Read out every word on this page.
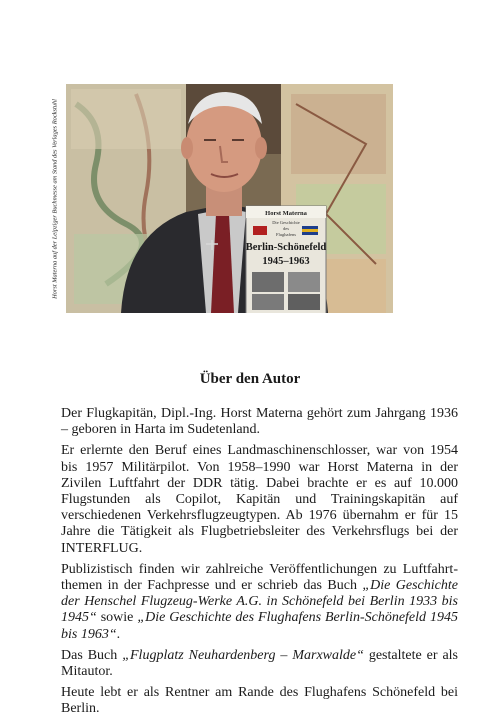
Horst Materna auf der Leipziger Buchmesse am Stand des Verlages Rockstuhl	Horst Materna
Die Geschichte
des
Flughafens
Berlin-Schönefeld
1945–1963
Über den Autor

Der Flugkapitän, Dipl.-Ing. Horst Materna gehört zum Jahrgang 1936 – geboren in Harta im Sudetenland.

Er erlernte den Beruf eines Landmaschinenschlosser, war von 1954 bis 1957 Militärpilot. Von 1958–1990 war Horst Materna in der Zivilen Luftfahrt der DDR tätig. Dabei brachte er es auf 10.000 Flugstunden als Copilot, Kapitän und Trainingskapitän auf verschiedenen Verkehrsflugzeugtypen. Ab 1976 übernahm er für 15 Jahre die Tätigkeit als Flugbetriebsleiter des Verkehrsflugs bei der INTERFLUG.

Publizistisch finden wir zahlreiche Veröffentlichungen zu Luftfahrtthemen in der Fachpresse und er schrieb das Buch „Die Geschichte der Henschel Flugzeug-Werke A.G. in Schönefeld bei Berlin 1933 bis 1945“ sowie „Die Geschichte des Flughafens Berlin-Schönefeld 1945 bis 1963“.

Das Buch „Flugplatz Neuhardenberg – Marxwalde“ gestaltete er als Mitautor.

Heute lebt er als Rentner am Rande des Flughafens Schönefeld bei Berlin.
